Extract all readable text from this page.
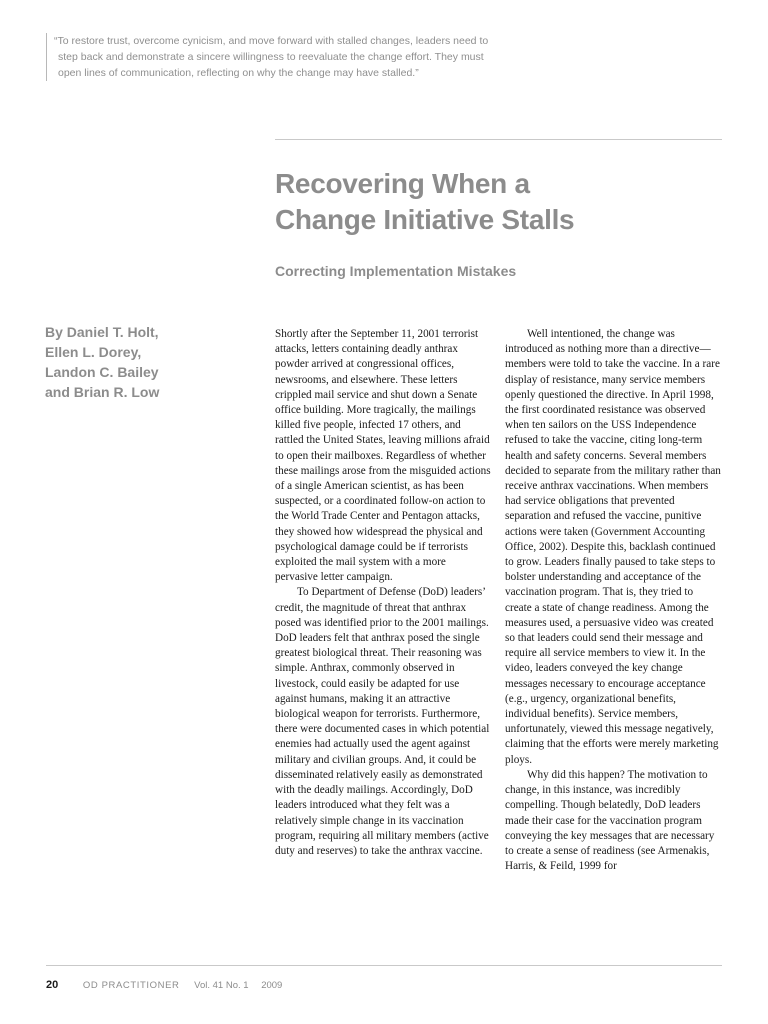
“To restore trust, overcome cynicism, and move forward with stalled changes, leaders need to step back and demonstrate a sincere willingness to reevaluate the change effort. They must open lines of communication, reflecting on why the change may have stalled.”
Recovering When a
Change Initiative Stalls
Correcting Implementation Mistakes
By Daniel T. Holt,
Ellen L. Dorey,
Landon C. Bailey
and Brian R. Low

Shortly after the September 11, 2001 terrorist attacks, letters containing deadly anthrax powder arrived at congressional offices, newsrooms, and elsewhere. These letters crippled mail service and shut down a Senate office building. More tragically, the mailings killed five people, infected 17 others, and rattled the United States, leaving millions afraid to open their mailboxes. Regardless of whether these mailings arose from the misguided actions of a single American scientist, as has been suspected, or a coordinated follow-on action to the World Trade Center and Pentagon attacks, they showed how widespread the physical and psychological damage could be if terrorists exploited the mail system with a more pervasive letter campaign.

To Department of Defense (DoD) leaders’ credit, the magnitude of threat that anthrax posed was identified prior to the 2001 mailings. DoD leaders felt that anthrax posed the single greatest biological threat. Their reasoning was simple. Anthrax, commonly observed in livestock, could easily be adapted for use against humans, making it an attractive biological weapon for terrorists. Furthermore, there were documented cases in which potential enemies had actually used the agent against military and civilian groups. And, it could be disseminated relatively easily as demonstrated with the deadly mailings. Accordingly, DoD leaders introduced what they felt was a relatively simple change in its vaccination program, requiring all military members (active duty and reserves) to take the anthrax vaccine.

Well intentioned, the change was introduced as nothing more than a directive—members were told to take the vaccine. In a rare display of resistance, many service members openly questioned the directive. In April 1998, the first coordinated resistance was observed when ten sailors on the USS Independence refused to take the vaccine, citing long-term health and safety concerns. Several members decided to separate from the military rather than receive anthrax vaccinations. When members had service obligations that prevented separation and refused the vaccine, punitive actions were taken (Government Accounting Office, 2002). Despite this, backlash continued to grow. Leaders finally paused to take steps to bolster understanding and acceptance of the vaccination program. That is, they tried to create a state of change readiness. Among the measures used, a persuasive video was created so that leaders could send their message and require all service members to view it. In the video, leaders conveyed the key change messages necessary to encourage acceptance (e.g., urgency, organizational benefits, individual benefits). Service members, unfortunately, viewed this message negatively, claiming that the efforts were merely marketing ploys.

Why did this happen? The motivation to change, in this instance, was incredibly compelling. Though belatedly, DoD leaders made their case for the vaccination program conveying the key messages that are necessary to create a sense of readiness (see Armenakis, Harris, & Feild, 1999 for

20	OD PRACTITIONER Vol. 41 No. 1 2009
